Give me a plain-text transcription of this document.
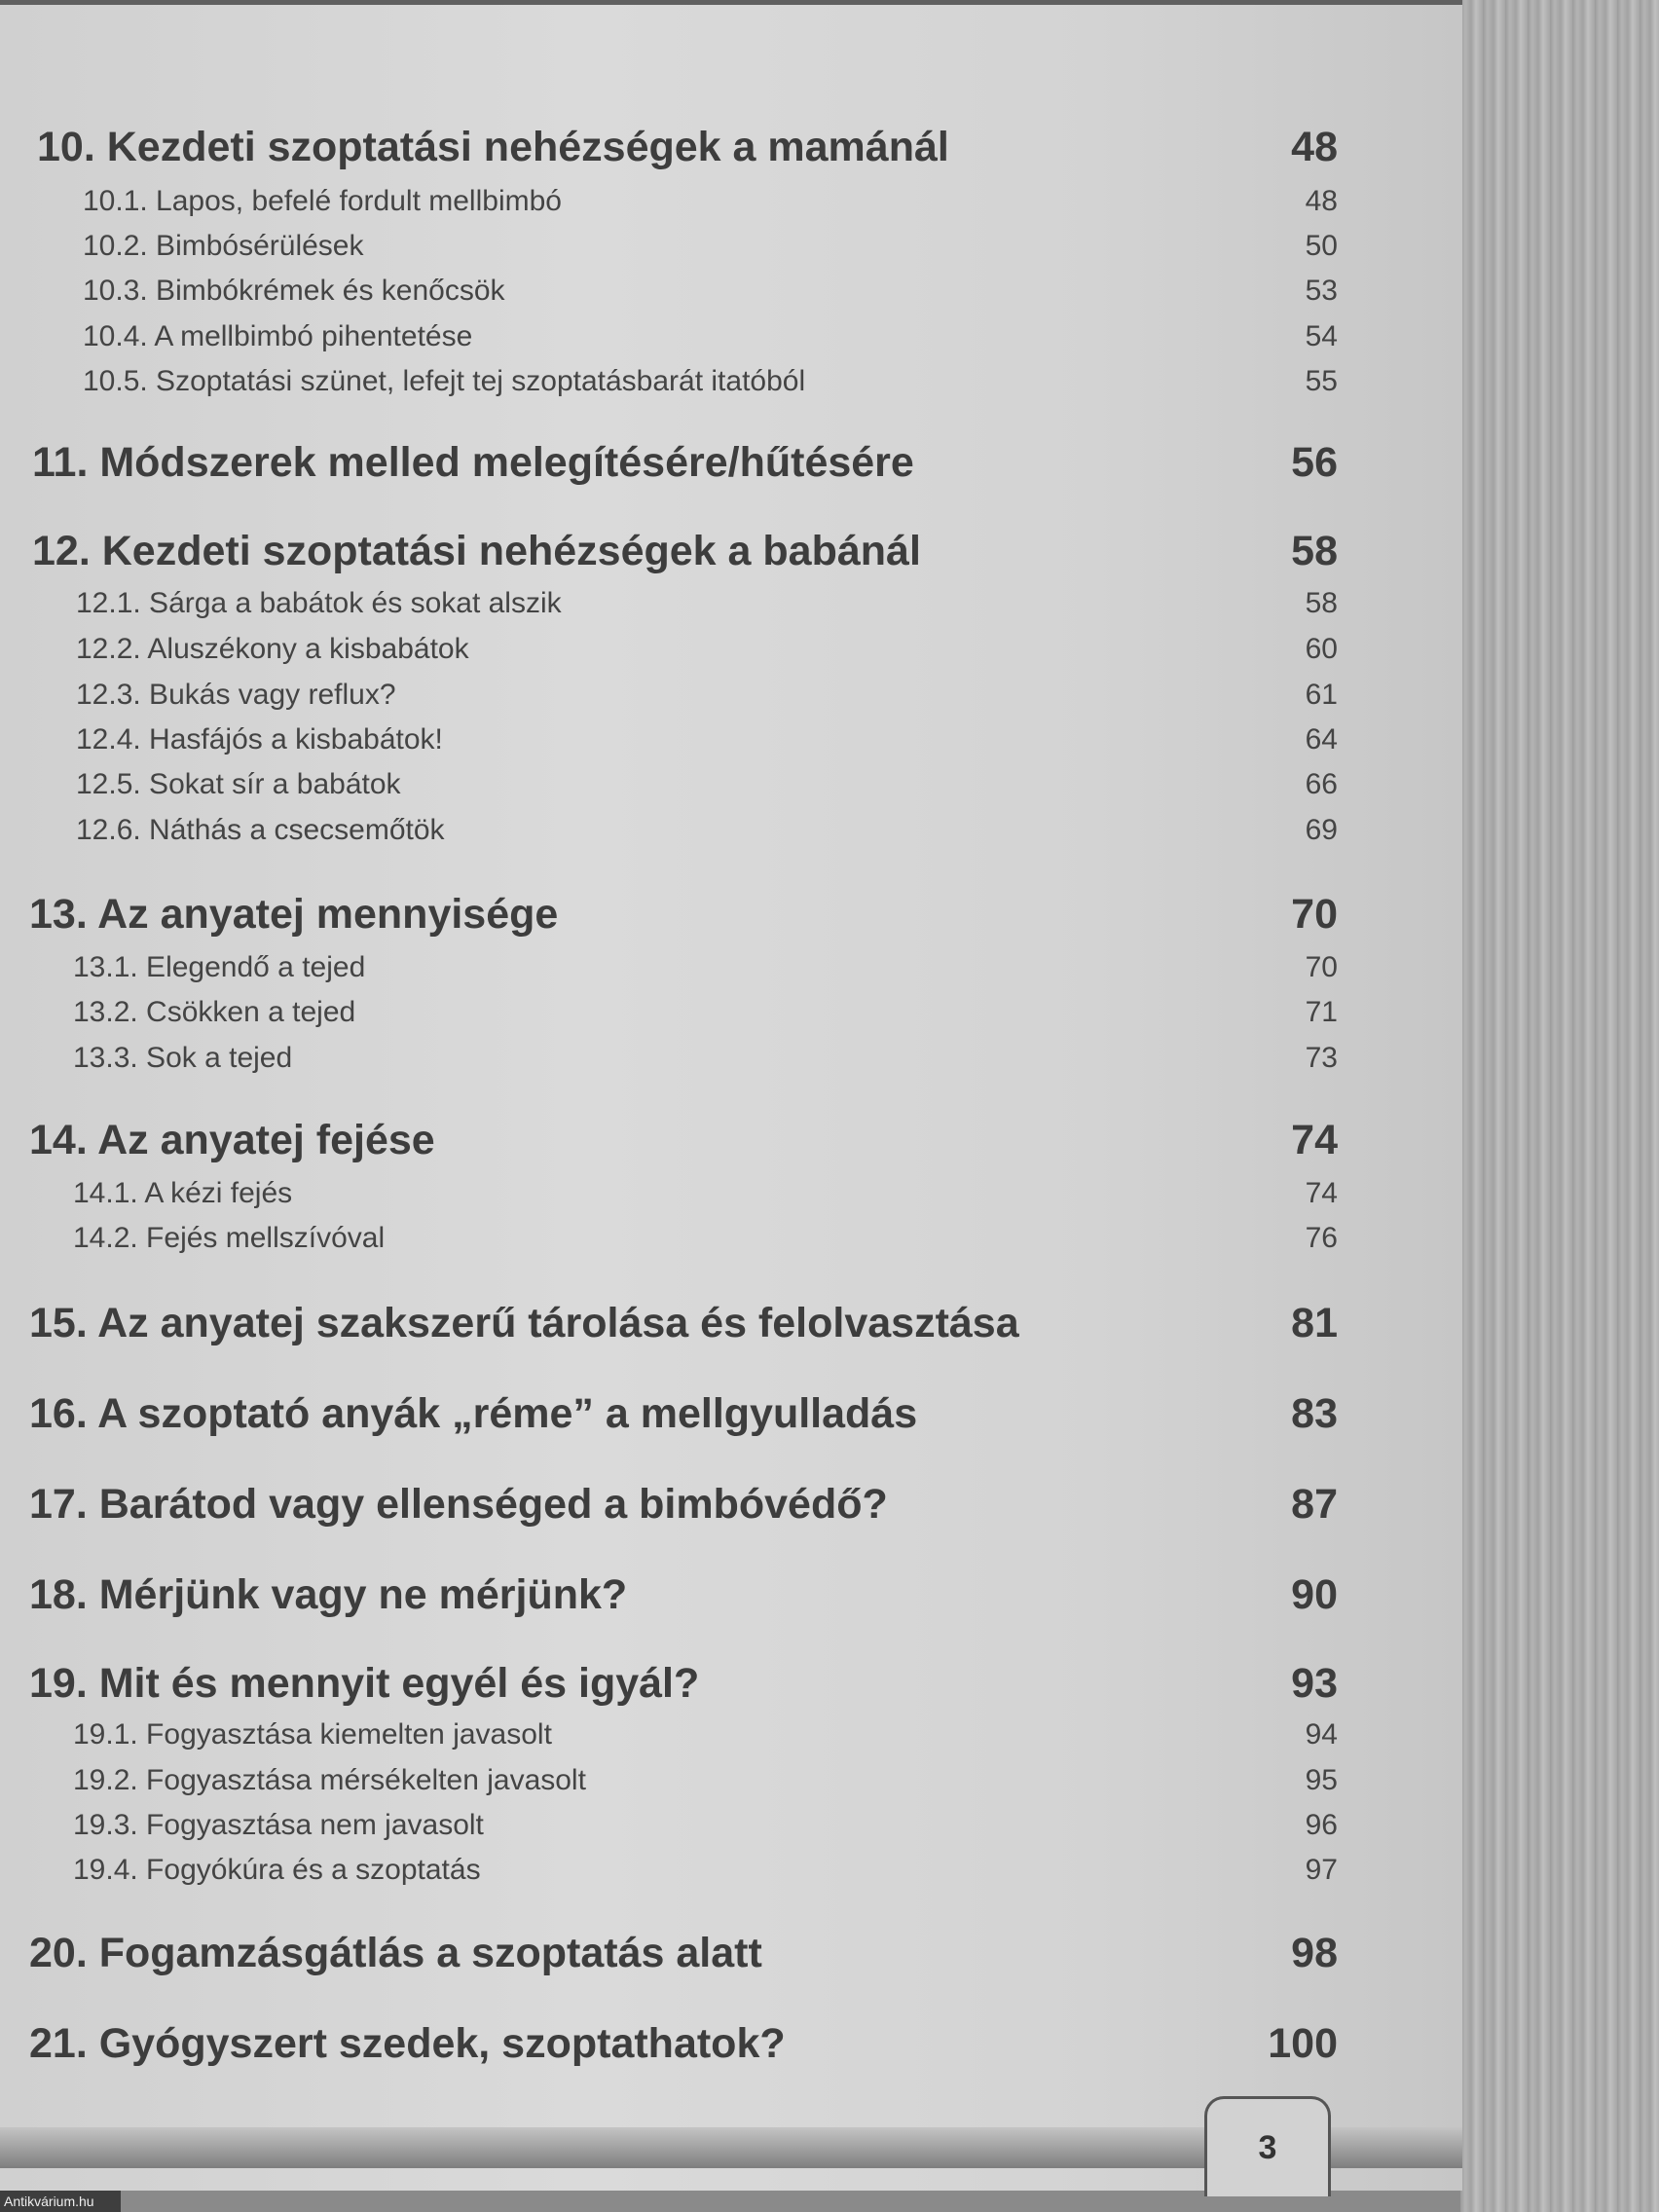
10. Kezdeti szoptatási nehézségek a mamánál	48
10.1. Lapos, befelé fordult mellbimbó	48
10.2. Bimbósérülések	50
10.3. Bimbókrémek és kenőcsök	53
10.4. A mellbimbó pihentetése	54
10.5. Szoptatási szünet, lefejt tej szoptatásbarát itatóból	55
11. Módszerek melled melegítésére/hűtésére	56
12. Kezdeti szoptatási nehézségek a babánál	58
12.1. Sárga a babátok és sokat alszik	58
12.2. Aluszékony a kisbabátok	60
12.3. Bukás vagy reflux?	61
12.4. Hasfájós a kisbabátok!	64
12.5. Sokat sír a babátok	66
12.6. Náthás a csecsemőtök	69
13. Az anyatej mennyisége	70
13.1. Elegendő a tejed	70
13.2. Csökken a tejed	71
13.3. Sok a tejed	73
14. Az anyatej fejése	74
14.1. A kézi fejés	74
14.2. Fejés mellszívóval	76
15. Az anyatej szakszerű tárolása és felolvasztása	81
16. A szoptató anyák „réme” a mellgyulladás	83
17. Barátod vagy ellenséged a bimbóvédő?	87
18. Mérjünk vagy ne mérjünk?	90
19. Mit és mennyit egyél és igyál?	93
19.1. Fogyasztása kiemelten javasolt	94
19.2. Fogyasztása mérsékelten javasolt	95
19.3. Fogyasztása nem javasolt	96
19.4. Fogyókúra és a szoptatás	97
20. Fogamzásgátlás a szoptatás alatt	98
21. Gyógyszert szedek, szoptathatok?	100
3
Antikvárium.hu
